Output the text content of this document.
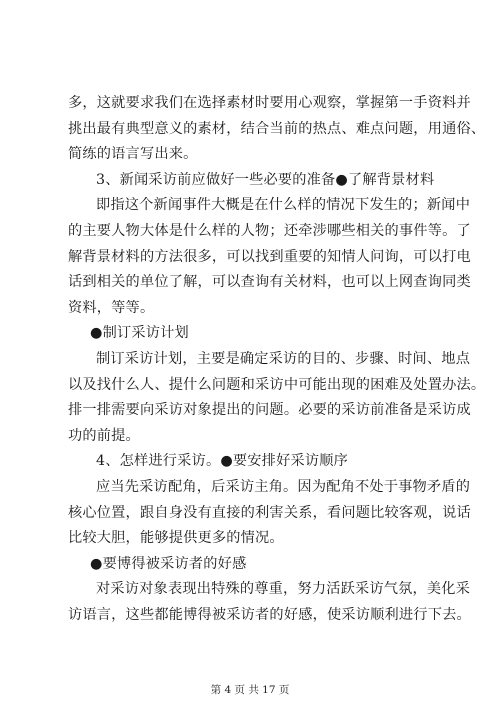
多，这就要求我们在选择素材时要用心观察，掌握第一手资料并
挑出最有典型意义的素材，结合当前的热点、难点问题，用通俗、
简练的语言写出来。
3、新闻采访前应做好一些必要的准备●了解背景材料
即指这个新闻事件大概是在什么样的情况下发生的；新闻中
的主要人物大体是什么样的人物；还牵涉哪些相关的事件等。了
解背景材料的方法很多，可以找到重要的知情人问询，可以打电
话到相关的单位了解，可以查询有关材料，也可以上网查询同类
资料，等等。
●制订采访计划
制订采访计划，主要是确定采访的目的、步骤、时间、地点
以及找什么人、提什么问题和采访中可能出现的困难及处置办法。
排一排需要向采访对象提出的问题。必要的采访前准备是采访成
功的前提。
4、怎样进行采访。●要安排好采访顺序
应当先采访配角，后采访主角。因为配角不处于事物矛盾的
核心位置，跟自身没有直接的利害关系，看问题比较客观，说话
比较大胆，能够提供更多的情况。
●要博得被采访者的好感
对采访对象表现出特殊的尊重，努力活跃采访气氛，美化采
访语言，这些都能博得被采访者的好感，使采访顺利进行下去。
第 4 页 共 17 页
